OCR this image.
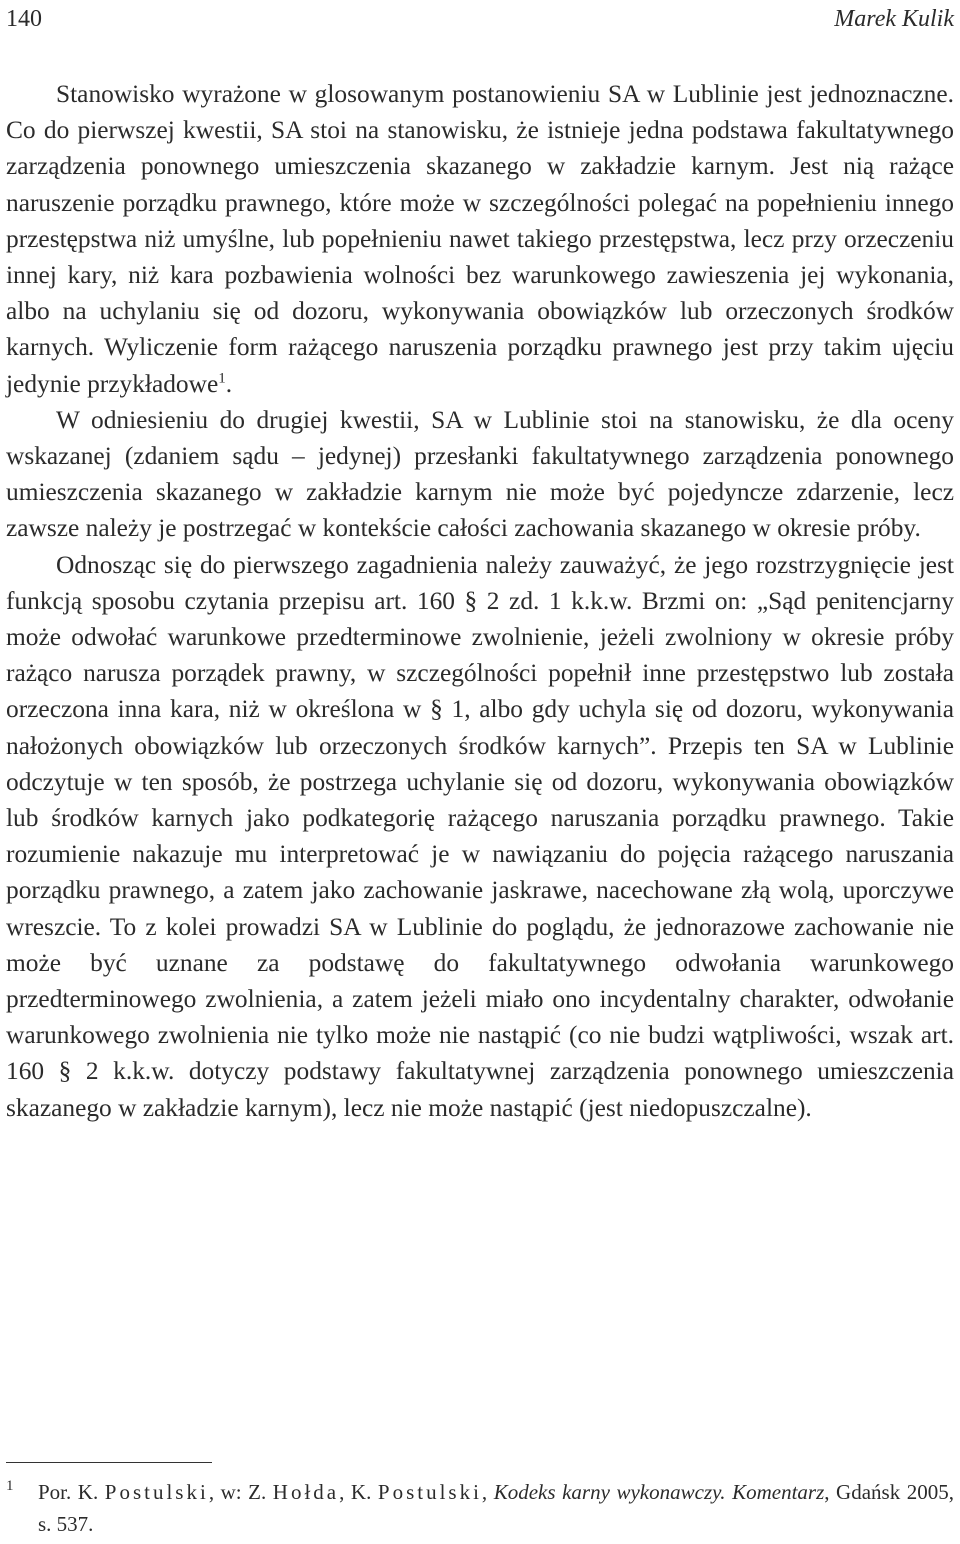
140	Marek Kulik

Stanowisko wyrażone w glosowanym postanowieniu SA w Lublinie jest jednoznaczne. Co do pierwszej kwestii, SA stoi na stanowisku, że istnieje jedna podstawa fakultatywnego zarządzenia ponownego umieszczenia skazanego w zakładzie karnym. Jest nią rażące naruszenie porządku prawnego, które może w szczególności polegać na popełnieniu innego przestępstwa niż umyślne, lub popełnieniu nawet takiego przestępstwa, lecz przy orzeczeniu innej kary, niż kara pozbawienia wolności bez warunkowego zawieszenia jej wykonania, albo na uchylaniu się od dozoru, wykonywania obowiązków lub orzeczonych środków karnych. Wyliczenie form rażącego naruszenia porządku prawnego jest przy takim ujęciu jedynie przykładowe$^1$.

W odniesieniu do drugiej kwestii, SA w Lublinie stoi na stanowisku, że dla oceny wskazanej (zdaniem sądu – jedynej) przesłanki fakultatywnego zarządzenia ponownego umieszczenia skazanego w zakładzie karnym nie może być pojedyncze zdarzenie, lecz zawsze należy je postrzegać w kontekście całości zachowania skazanego w okresie próby.

Odnosząc się do pierwszego zagadnienia należy zauważyć, że jego rozstrzygnięcie jest funkcją sposobu czytania przepisu art. 160 § 2 zd. 1 k.k.w. Brzmi on: „Sąd penitencjarny może odwołać warunkowe przedterminowe zwolnienie, jeżeli zwolniony w okresie próby rażąco narusza porządek prawny, w szczególności popełnił inne przestępstwo lub została orzeczona inna kara, niż w określona w § 1, albo gdy uchyla się od dozoru, wykonywania nałożonych obowiązków lub orzeczonych środków karnych”. Przepis ten SA w Lublinie odczytuje w ten sposób, że postrzega uchylanie się od dozoru, wykonywania obowiązków lub środków karnych jako podkategorię rażącego naruszania porządku prawnego. Takie rozumienie nakazuje mu interpretować je w nawiązaniu do pojęcia rażącego naruszania porządku prawnego, a zatem jako zachowanie jaskrawe, nacechowane złą wolą, uporczywe wreszcie. To z kolei prowadzi SA w Lublinie do poglądu, że jednorazowe zachowanie nie może być uznane za podstawę do fakultatywnego odwołania warunkowego przedterminowego zwolnienia, a zatem jeżeli miało ono incydentalny charakter, odwołanie warunkowego zwolnienia nie tylko może nie nastąpić (co nie budzi wątpliwości, wszak art. 160 § 2 k.k.w. dotyczy podstawy fakultatywnej zarządzenia ponownego umieszczenia skazanego w zakładzie karnym), lecz nie może nastąpić (jest niedopuszczalne).

1	Por. K. Postulski, w: Z. Hołda, K. Postulski, Kodeks karny wykonawczy. Komentarz, Gdańsk 2005, s. 537.
